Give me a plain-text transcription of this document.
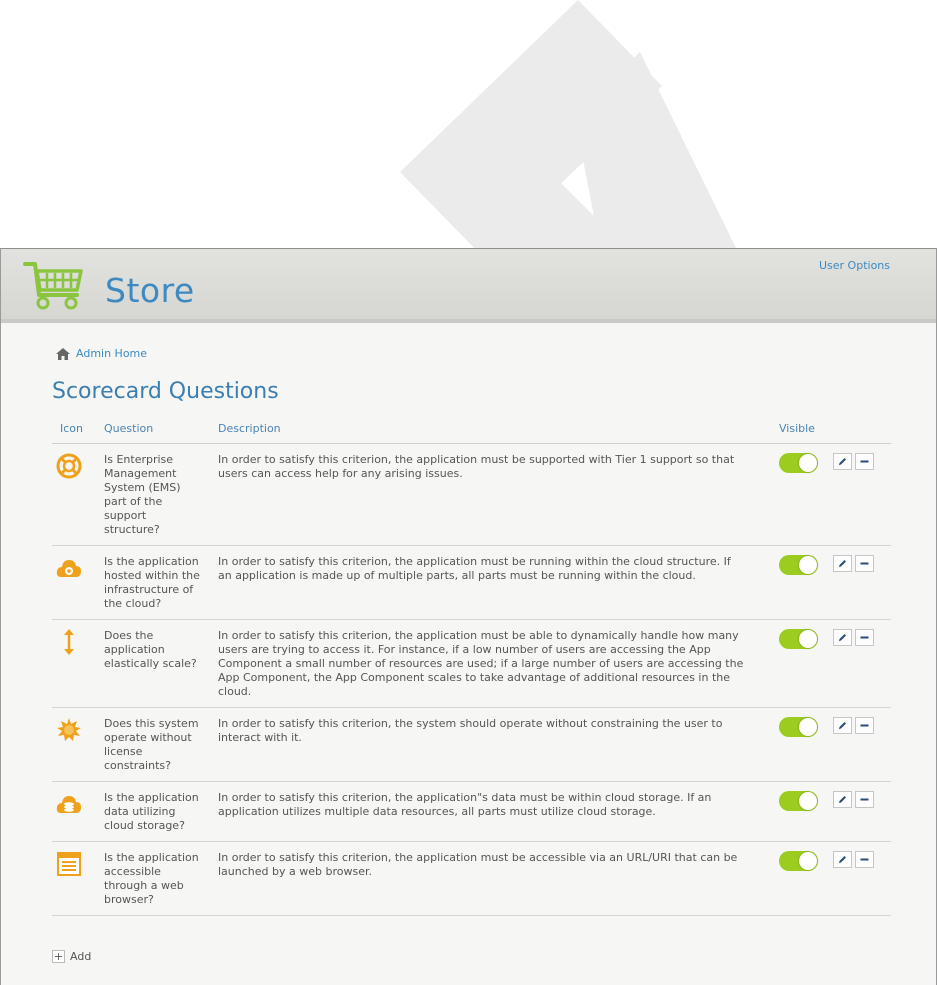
Store
User Options
Admin Home
Scorecard Questions
Icon	Question	Description	Visible	

	Is Enterprise Management System (EMS) part of the support structure?	In order to satisfy this criterion, the application must be supported with Tier 1 support so that users can access help for any arising issues.	

	Is the application hosted within the infrastructure of the cloud?	In order to satisfy this criterion, the application must be running within the cloud structure. If an application is made up of multiple parts, all parts must be running within the cloud.	

	Does the application elastically scale?	In order to satisfy this criterion, the application must be able to dynamically handle how many users are trying to access it. For instance, if a low number of users are accessing the App Component a small number of resources are used; if a large number of users are accessing the App Component, the App Component scales to take advantage of additional resources in the cloud.	

	Does this system operate without license constraints?	In order to satisfy this criterion, the system should operate without constraining the user to interact with it.	

	Is the application data utilizing cloud storage?	In order to satisfy this criterion, the application"s data must be within cloud storage. If an application utilizes multiple data resources, all parts must utilize cloud storage.	

	Is the application accessible through a web browser?	In order to satisfy this criterion, the application must be accessible via an URL/URI that can be launched by a web browser.	

+ Add
